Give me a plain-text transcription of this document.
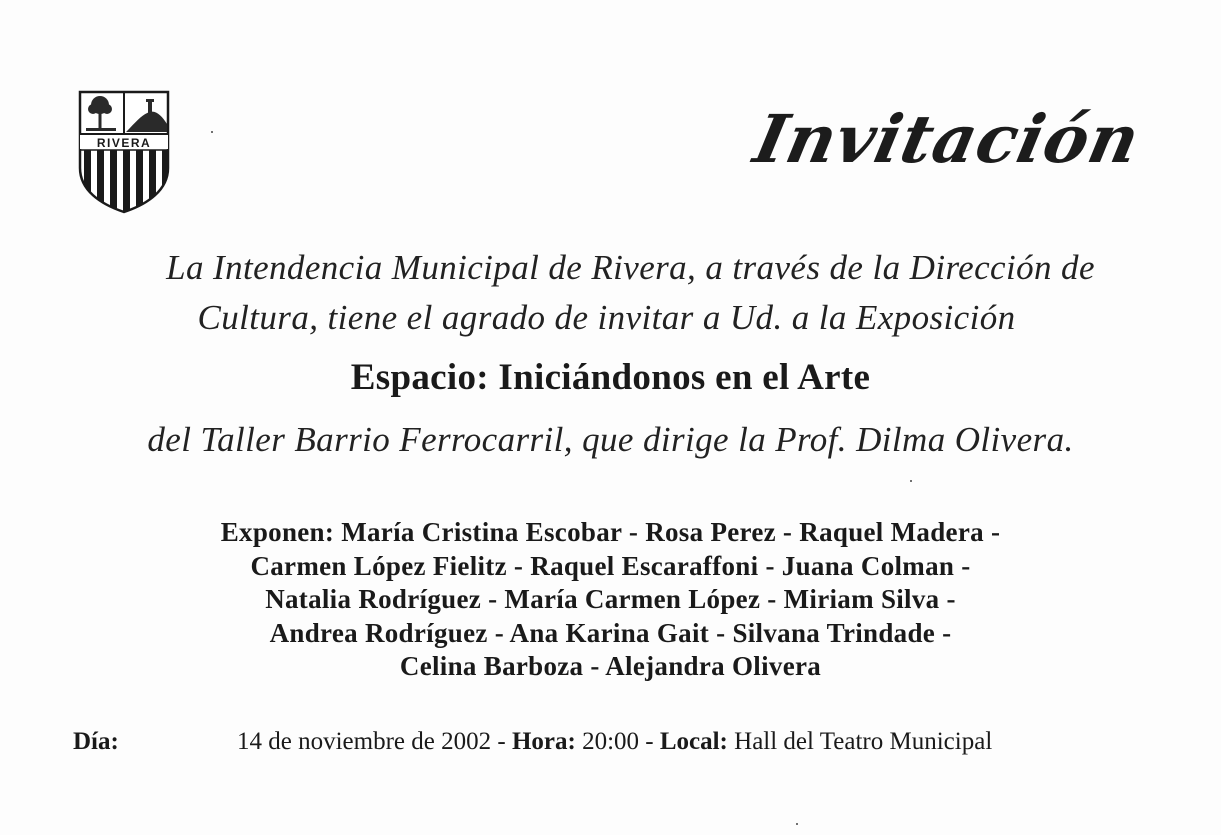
RIVERA	Invitación
La Intendencia Municipal de Rivera, a través de la Dirección de
Cultura, tiene el agrado de invitar a Ud. a la Exposición
Espacio: Iniciándonos en el Arte
del Taller Barrio Ferrocarril, que dirige la Prof. Dilma Olivera.
Exponen: María Cristina Escobar - Rosa Perez - Raquel Madera -
Carmen López Fielitz - Raquel Escaraffoni - Juana Colman -
Natalia Rodríguez - María Carmen López - Miriam Silva -
Andrea Rodríguez - Ana Karina Gait - Silvana Trindade -
Celina Barboza - Alejandra Olivera
Día:	14 de noviembre de 2002 - Hora: 20:00 - Local: Hall del Teatro Municipal
